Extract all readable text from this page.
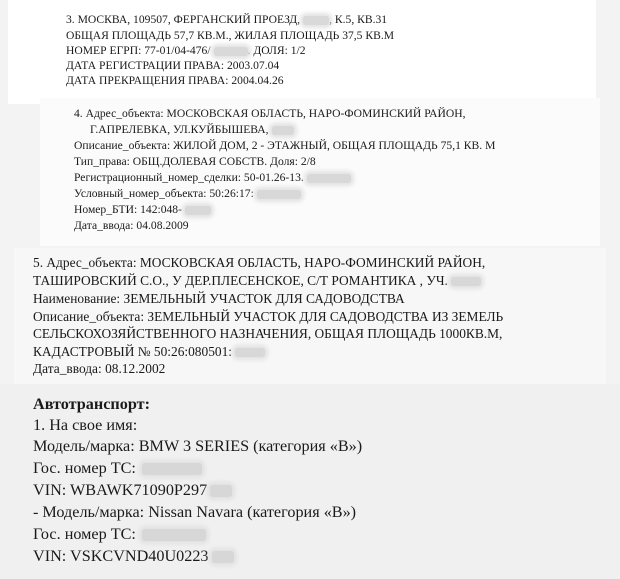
3. МОСКВА, 109507, ФЕРГАНСКИЙ ПРОЕЗД,	, К.5, КВ.31
ОБЩАЯ ПЛОЩАДЬ 57,7 КВ.М., ЖИЛАЯ ПЛОЩАДЬ 37,5 КВ.М
НОМЕР ЕГРП: 77-01/04-476/	. ДОЛЯ: 1/2
ДАТА РЕГИСТРАЦИИ ПРАВА: 2003.07.04
ДАТА ПРЕКРАЩЕНИЯ ПРАВА: 2004.04.26
4. Адрес_объекта: МОСКОВСКАЯ ОБЛАСТЬ, НАРО-ФОМИНСКИЙ РАЙОН,
Г.АПРЕЛЕВКА, УЛ.КУЙБЫШЕВА,
Описание_объекта: ЖИЛОЙ ДОМ, 2 - ЭТАЖНЫЙ, ОБЩАЯ ПЛОЩАДЬ 75,1 КВ. М
Тип_права: ОБЩ.ДОЛЕВАЯ СОБСТВ. Доля: 2/8
Регистрационный_номер_сделки: 50-01.26-13.
Условный_номер_объекта: 50:26:17:
Номер_БТИ: 142:048-
Дата_ввода: 04.08.2009
5. Адрес_объекта: МОСКОВСКАЯ ОБЛАСТЬ, НАРО-ФОМИНСКИЙ РАЙОН,
ТАШИРОВСКИЙ С.О., У ДЕР.ПЛЕСЕНСКОЕ, С/Т РОМАНТИКА , УЧ.
Наименование: ЗЕМЕЛЬНЫЙ УЧАСТОК ДЛЯ САДОВОДСТВА
Описание_объекта: ЗЕМЕЛЬНЫЙ УЧАСТОК ДЛЯ САДОВОДСТВА ИЗ ЗЕМЕЛЬ
СЕЛЬСКОХОЗЯЙСТВЕННОГО НАЗНАЧЕНИЯ, ОБЩАЯ ПЛОЩАДЬ 1000КВ.М,
КАДАСТРОВЫЙ № 50:26:080501:
Дата_ввода: 08.12.2002
Автотранспорт:
1. На свое имя:
Модель/марка: BMW 3 SERIES (категория «В»)
Гос. номер ТС:
VIN: WBAWK71090P297
- Модель/марка: Nissan Navara (категория «В»)
Гос. номер ТС:
VIN: VSKCVND40U0223
